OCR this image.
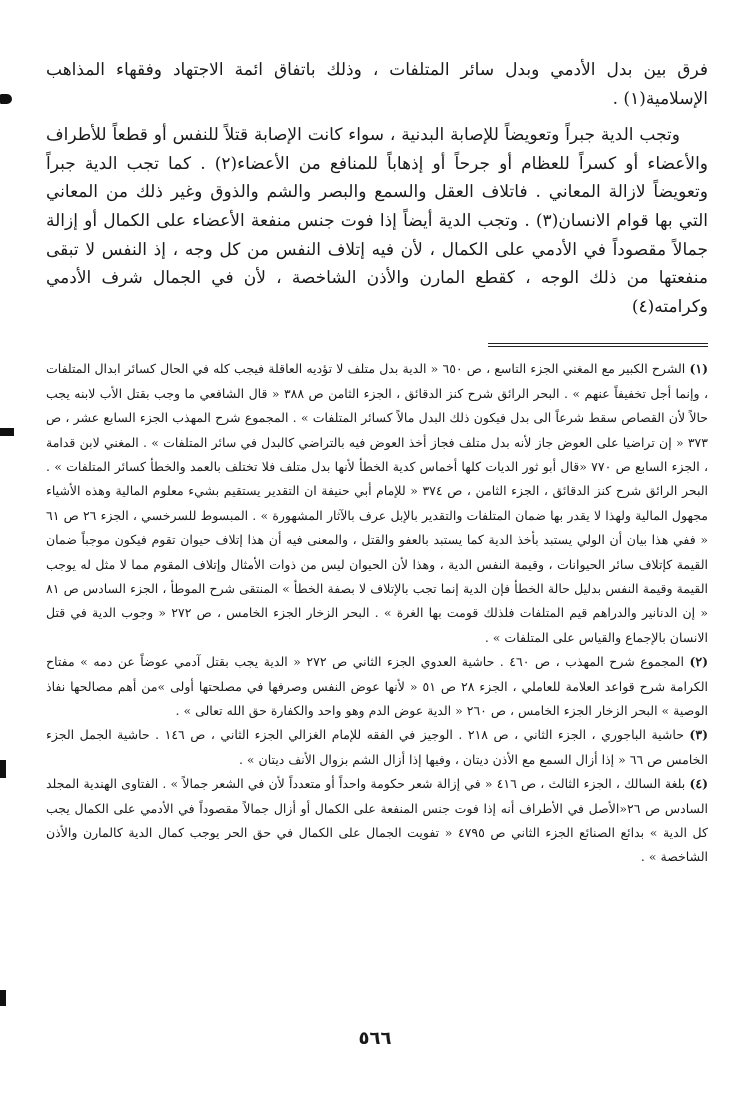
فرق بين بدل الأدمي وبدل سائر المتلفات ، وذلك باتفاق ائمة الاجتهاد وفقهاء المذاهب الإسلامية(١) .

وتجب الدية جبراً وتعويضاً للإصابة البدنية ، سواء كانت الإصابة قتلاً للنفس أو قطعاً للأطراف والأعضاء أو كسراً للعظام أو جرحاً أو إذهاباً للمنافع من الأعضاء(٢) . كما تجب الدية جبراً وتعويضاً لازالة المعاني . فاتلاف العقل والسمع والبصر والشم والذوق وغير ذلك من المعاني التي بها قوام الانسان(٣) . وتجب الدية أيضاً إذا فوت جنس منفعة الأعضاء على الكمال أو إزالة جمالاً مقصوداً في الأدمي على الكمال ، لأن فيه إتلاف النفس من كل وجه ، إذ النفس لا تبقى منفعتها من ذلك الوجه ، كقطع المارن والأذن الشاخصة ، لأن في الجمال شرف الأدمي وكرامته(٤)

(١) الشرح الكبير مع المغني الجزء التاسع ، ص ٦٥٠ « الدية بدل متلف لا تؤديه العاقلة فيجب كله في الحال كسائر ابدال المتلفات ، وإنما أجل تخفيفاً عنهم » . البحر الرائق شرح كنز الدقائق ، الجزء الثامن ص ٣٨٨ « قال الشافعي ما وجب بقتل الأب لابنه يجب حالاً لأن القصاص سقط شرعاً الى بدل فيكون ذلك البدل مالاً كسائر المتلفات » . المجموع شرح المهذب الجزء السابع عشر ، ص ٣٧٣ « إن تراضيا على العوض جاز لأنه بدل متلف فجاز أخذ العوض فيه بالتراضي كالبدل في سائر المتلفات » . المغني لابن قدامة ، الجزء السابع ص ٧٧٠ «قال أبو ثور الديات كلها أخماس كدية الخطأ لأنها بدل متلف فلا تختلف بالعمد والخطأ كسائر المتلفات » . البحر الرائق شرح كنز الدقائق ، الجزء الثامن ، ص ٣٧٤ « للإمام أبي حنيفة ان التقدير يستقيم بشيء معلوم المالية وهذه الأشياء مجهول المالية ولهذا لا يقدر بها ضمان المتلفات والتقدير بالإبل عرف بالآثار المشهورة » . المبسوط للسرخسي ، الجزء ٢٦ ص ٦١ « ففي هذا بيان أن الولي يستبد بأخذ الدية كما يستبد بالعفو والقتل ، والمعنى فيه أن هذا إتلاف حيوان تقوم فيكون موجباً ضمان القيمة كإتلاف سائر الحيوانات ، وقيمة النفس الدية ، وهذا لأن الحيوان ليس من ذوات الأمثال وإتلاف المقوم مما لا مثل له يوجب القيمة وقيمة النفس بدليل حالة الخطأ فإن الدية إنما تجب بالإتلاف لا بصفة الخطأ » المنتقى شرح الموطأ ، الجزء السادس ص ٨١ « إن الدنانير والدراهم قيم المتلفات فلذلك قومت بها الغرة » . البحر الزخار الجزء الخامس ، ص ٢٧٢ « وجوب الدية في قتل الانسان بالإجماع والقياس على المتلفات » .

(٢) المجموع شرح المهذب ، ص ٤٦٠ . حاشية العدوي الجزء الثاني ص ٢٧٢ « الدية يجب بقتل آدمي عوضاً عن دمه » مفتاح الكرامة شرح قواعد العلامة للعاملي ، الجزء ٢٨ ص ٥١ « لأنها عوض النفس وصرفها في مصلحتها أولى »من أهم مصالحها نفاذ الوصية » البحر الزخار الجزء الخامس ، ص ٢٦٠ « الدية عوض الدم وهو واحد والكفارة حق الله تعالى » .

(٣) حاشية الباجوري ، الجزء الثاني ، ص ٢١٨ . الوجيز في الفقه للإمام الغزالي الجزء الثاني ، ص ١٤٦ . حاشية الجمل الجزء الخامس ص ٦٦ « إذا أزال السمع مع الأذن ديتان ، وفيها إذا أزال الشم بزوال الأنف ديتان » .

(٤) بلغة السالك ، الجزء الثالث ، ص ٤١٦ « في إزالة شعر حكومة واحداً أو متعدداً لأن في الشعر جمالاً » . الفتاوى الهندية المجلد السادس ص ٢٦«الأصل في الأطراف أنه إذا فوت جنس المنفعة على الكمال أو أزال جمالاً مقصوداً في الأدمي على الكمال يجب كل الدية » بدائع الصنائع الجزء الثاني ص ٤٧٩٥ « تفويت الجمال على الكمال في حق الحر يوجب كمال الدية كالمارن والأذن الشاخصة » .

٥٦٦
